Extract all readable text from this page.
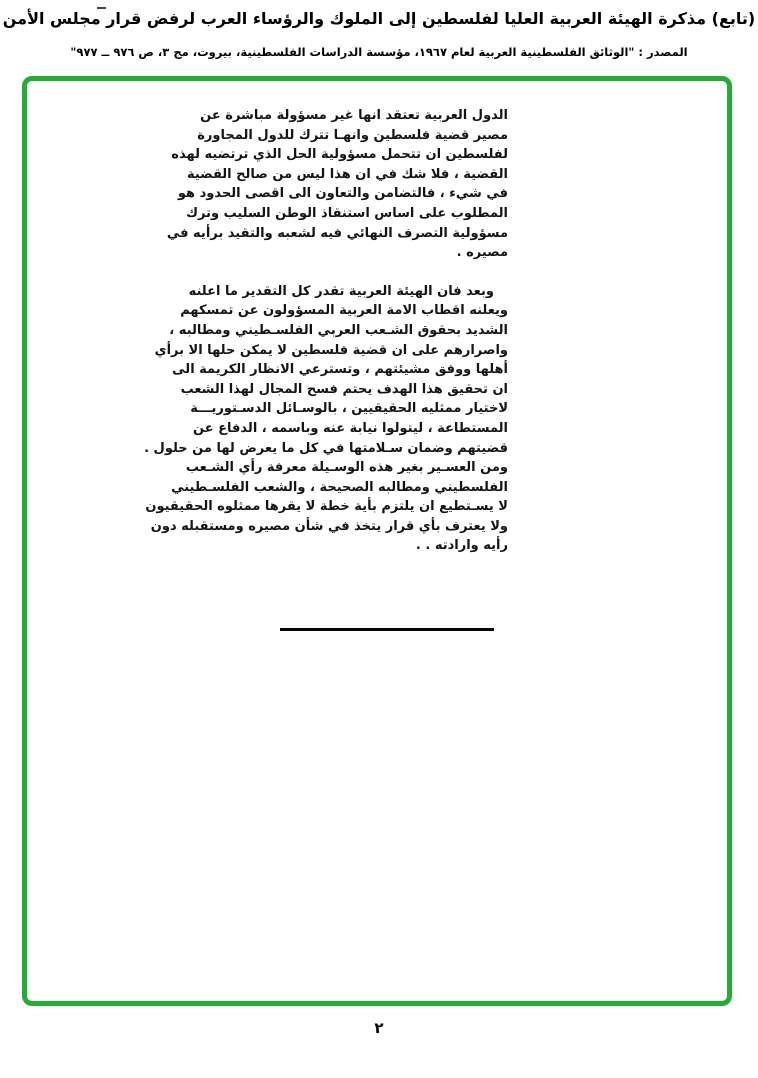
(تابع) مذكرة الهيئة العربية العليا لفلسطين إلى الملوك والرؤساء العرب لرفض قرار مجلس الأمن
المصدر : "الوثائق الفلسطينية العربية لعام ١٩٦٧، مؤسسة الدراسات الفلسطينية، بيروت، مج ٣، ص ٩٧٦ ــ ٩٧٧"
الدول العربية تعتقد انها غير مسؤولة مباشرة عن
مصير قضية فلسطين وانهـا تترك للدول المجاورة
لفلسطين ان تتحمل مسؤولية الحل الذي ترتضيه لهذه
القضية ، فلا شك في ان هذا ليس من صالح القضية
في شيء ، فالتضامن والتعاون الى اقصى الحدود هو
المطلوب على اساس استنقاذ الوطن السليب وترك
مسؤولية التصرف النهائي فيه لشعبه والتقيد برأيه في
مصيره .
وبعد فان الهيئة العربية تقدر كل التقدير ما اعلنه
ويعلنه اقطاب الامة العربية المسؤولون عن تمسكهم
الشديد بحقوق الشـعب العربي الفلسـطيني ومطالبه ،
واصرارهم على ان قضية فلسطين لا يمكن حلها الا برأي
أهلها ووفق مشيئتهم ، وتسترعي الانظار الكريمة الى
ان تحقيق هذا الهدف يحتم فسح المجال لهذا الشعب
لاختيار ممثليه الحقيقيين ، بالوسـائل الدسـتوريـــة
المستطاعة ، ليتولوا نيابة عنه وباسمه ، الدفاع عن
قضيتهم وضمان سـلامتها في كل ما يعرض لها من حلول .
ومن العسـير بغير هذه الوسـيلة معرفة رأي الشـعب
الفلسطيني ومطالبه الصحيحة ، والشعب الفلسـطيني
لا يسـتطيع ان يلتزم بأية خطة لا يقرها ممثلوه الحقيقيون
ولا يعترف بأي قرار يتخذ في شأن مصيره ومستقبله دون
رأيه وارادته . .
٢
